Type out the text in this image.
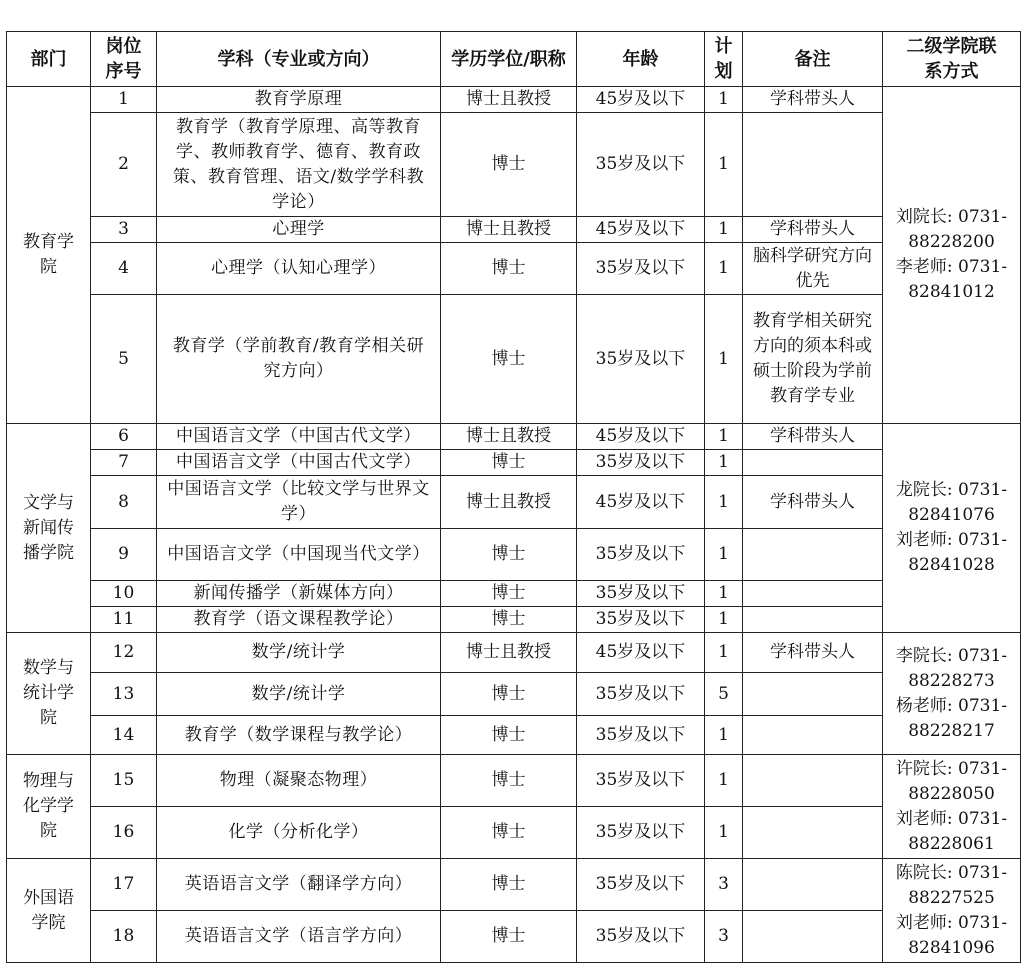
部门	岗位序号	学科（专业或方向）	学历学位/职称	年龄	计划	备注	二级学院联系方式
教育学院	1	教育学原理	博士且教授	45岁及以下	1	学科带头人	刘院长: 0731-88228200
李老师: 0731-82841012

	2	教育学（教育学原理、高等教育学、教师教育学、德育、教育政策、教育管理、语文/数学学科教学论）	博士	35岁及以下	1		
	3	心理学	博士且教授	45岁及以下	1	学科带头人	
	4	心理学（认知心理学）	博士	35岁及以下	1	脑科学研究方向优先	
	5	教育学（学前教育/教育学相关研究方向）	博士	35岁及以下	1	教育学相关研究方向的须本科或硕士阶段为学前教育学专业	
文学与新闻传播学院	6	中国语言文学（中国古代文学）	博士且教授	45岁及以下	1	学科带头人	龙院长: 0731-82841076
刘老师: 0731-82841028

	7	中国语言文学（中国古代文学）	博士	35岁及以下	1		
	8	中国语言文学（比较文学与世界文学）	博士且教授	45岁及以下	1	学科带头人	
	9	中国语言文学（中国现当代文学）	博士	35岁及以下	1		
	10	新闻传播学（新媒体方向）	博士	35岁及以下	1		
	11	教育学（语文课程教学论）	博士	35岁及以下	1		
数学与统计学院	12	数学/统计学	博士且教授	45岁及以下	1	学科带头人	李院长: 0731-88228273
杨老师: 0731-88228217

	13	数学/统计学	博士	35岁及以下	5		
	14	教育学（数学课程与教学论）	博士	35岁及以下	1		
物理与化学学院	15	物理（凝聚态物理）	博士	35岁及以下	1		许院长: 0731-88228050
刘老师: 0731-88228061

	16	化学（分析化学）	博士	35岁及以下	1		
外国语学院	17	英语语言文学（翻译学方向）	博士	35岁及以下	3		陈院长: 0731-88227525
刘老师: 0731-82841096

	18	英语语言文学（语言学方向）	博士	35岁及以下	3		
